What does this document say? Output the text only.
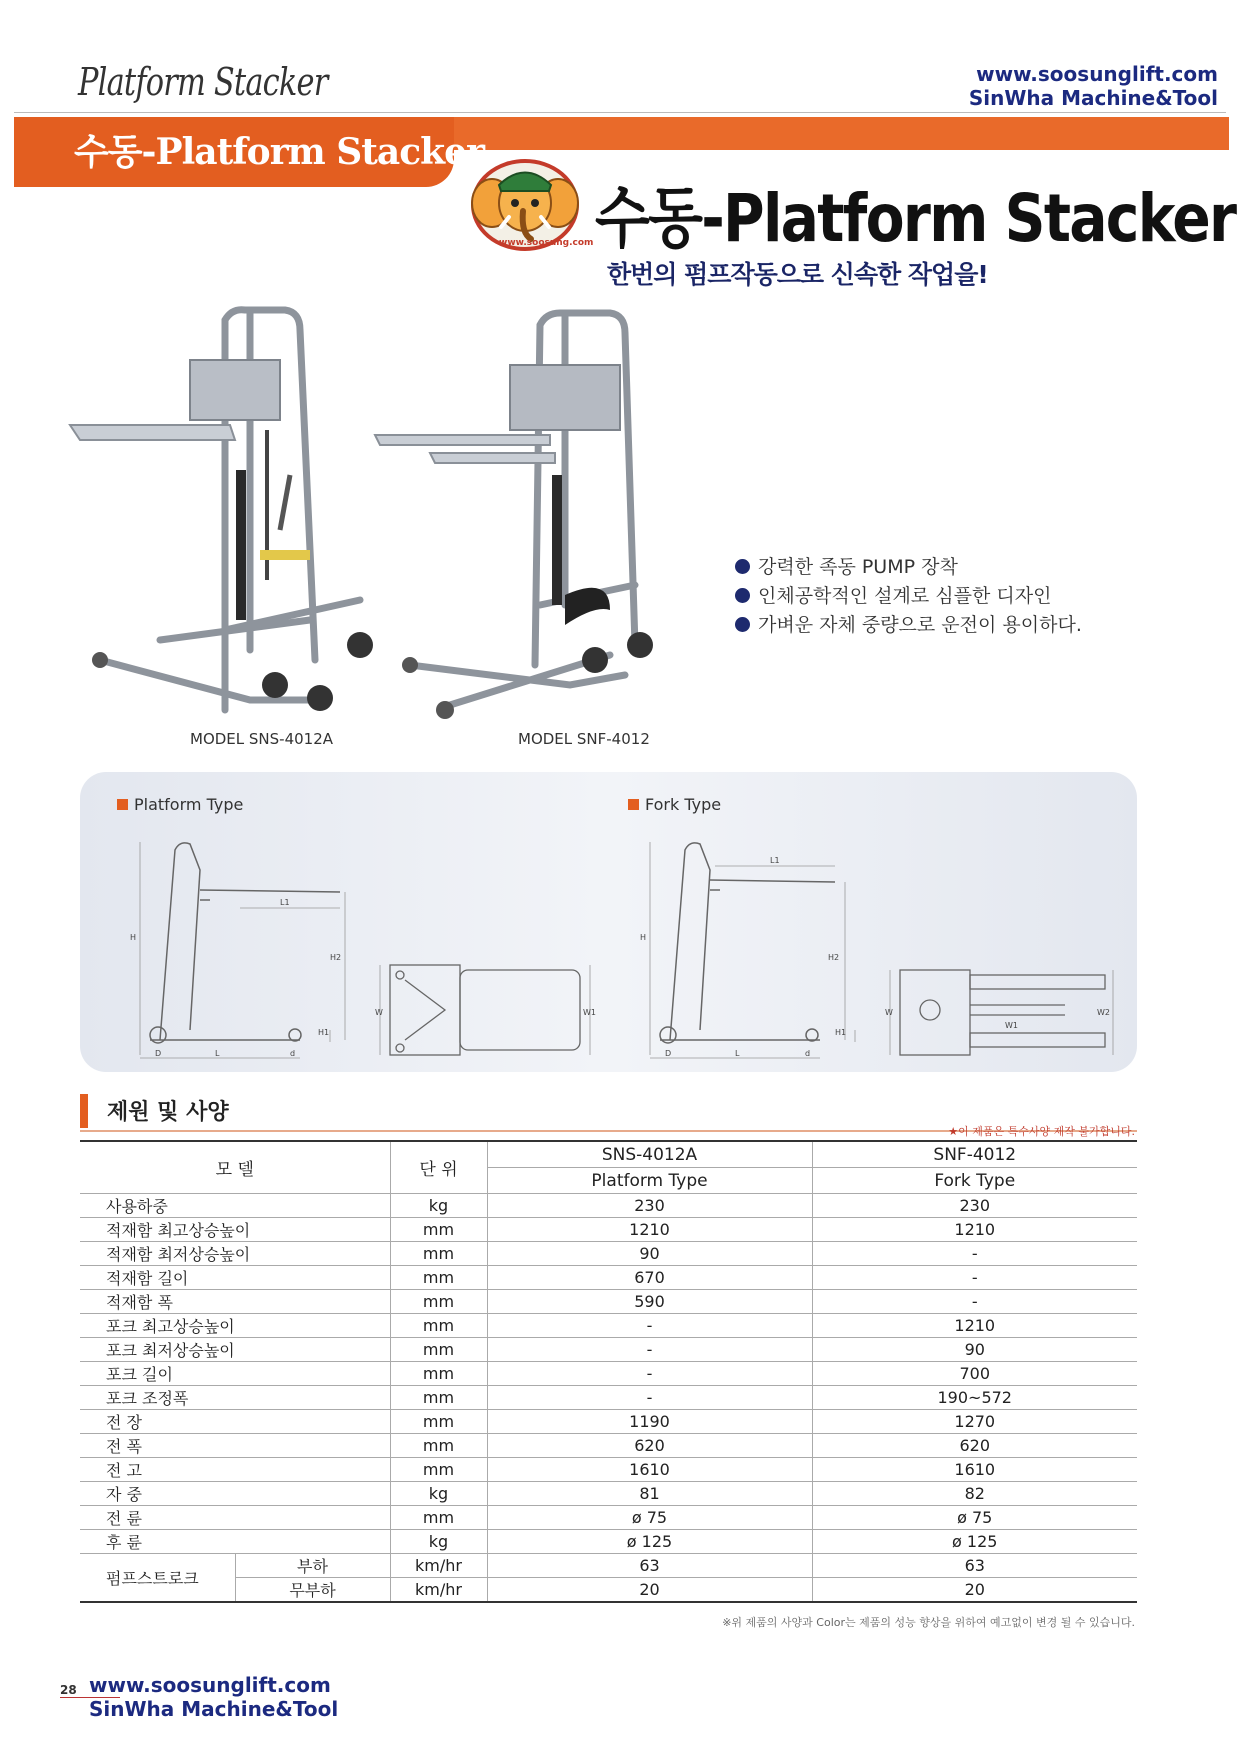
Platform Stacker	www.soosunglift.com
SinWha Machine&Tool
수동-Platform Stacker
www.soosung.com 수동-Platform Stacker
한번의 펌프작동으로 신속한 작업을!
MODEL SNS-4012A	MODEL SNF-4012
강력한 족동 PUMP 장착
인체공학적인 설계로 심플한 디자인
가벼운 자체 중량으로 운전이 용이하다.
Platform Type	Fork Type
H
L1
H2
H1
L
D	d
W	W1
H
L1
H2
H1
L
D	d
W	W2
W1
제원 및 사양
★이 제품은 특수사양 제작 불가합니다.
모 델		단 위	SNS-4012A	SNF-4012
			Platform Type	Fork Type
사용하중		kg	230	230
적재함 최고상승높이		mm	1210	1210
적재함 최저상승높이		mm	90	-
적재함 길이		mm	670	-
적재함 폭		mm	590	-
포크 최고상승높이		mm	-	1210
포크 최저상승높이		mm	-	90
포크 길이		mm	-	700
포크 조정폭		mm	-	190~572
전 장		mm	1190	1270
전 폭		mm	620	620
전 고		mm	1610	1610
자 중		kg	81	82
전 륜		mm	ø 75	ø 75
후 륜		kg	ø 125	ø 125
펌프스트로크	부하	km/hr	63	63
	무부하	km/hr	20	20
※위 제품의 사양과 Color는 제품의 성능 향상을 위하여 예고없이 변경 될 수 있습니다.
28 www.soosunglift.com
SinWha Machine&Tool
